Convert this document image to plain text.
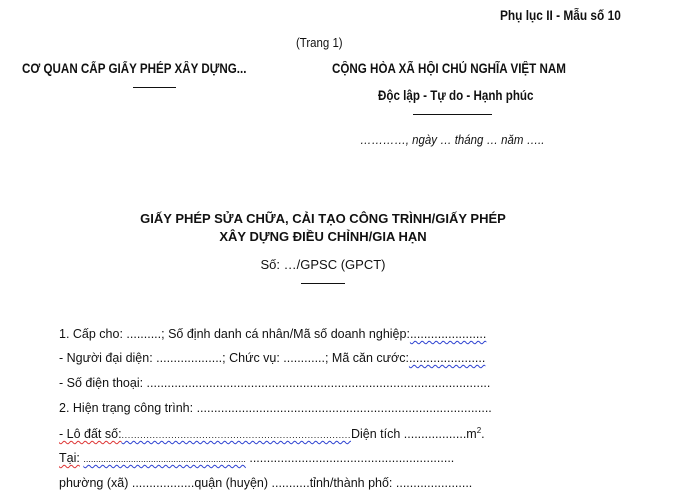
Phụ lục II - Mẫu số 10
(Trang 1)
CƠ QUAN CẤP GIẤY PHÉP XÂY DỰNG...	CỘNG HÒA XÃ HỘI CHỦ NGHĨA VIỆT NAM
Độc lập - Tự do - Hạnh phúc
…………, ngày … tháng … năm …..
GIẤY PHÉP SỬA CHỮA, CẢI TẠO CÔNG TRÌNH/GIẤY PHÉP
XÂY DỰNG ĐIỀU CHỈNH/GIA HẠN
Số: …/GPSC (GPCT)
1. Cấp cho: ..........; Số định danh cá nhân/Mã số doanh nghiệp:......................
- Người đại diện: ...................; Chức vụ: ............; Mã căn cước:......................
- Số điện thoại: ...................................................................................................
2. Hiện trạng công trình: .....................................................................................
- Lô đất số:..........................................................................Diện tích $..................m^2$.
Tại: ................................................................. ...........................................................
phường (xã) ..................quận (huyện) ...........tỉnh/thành phố: ......................
